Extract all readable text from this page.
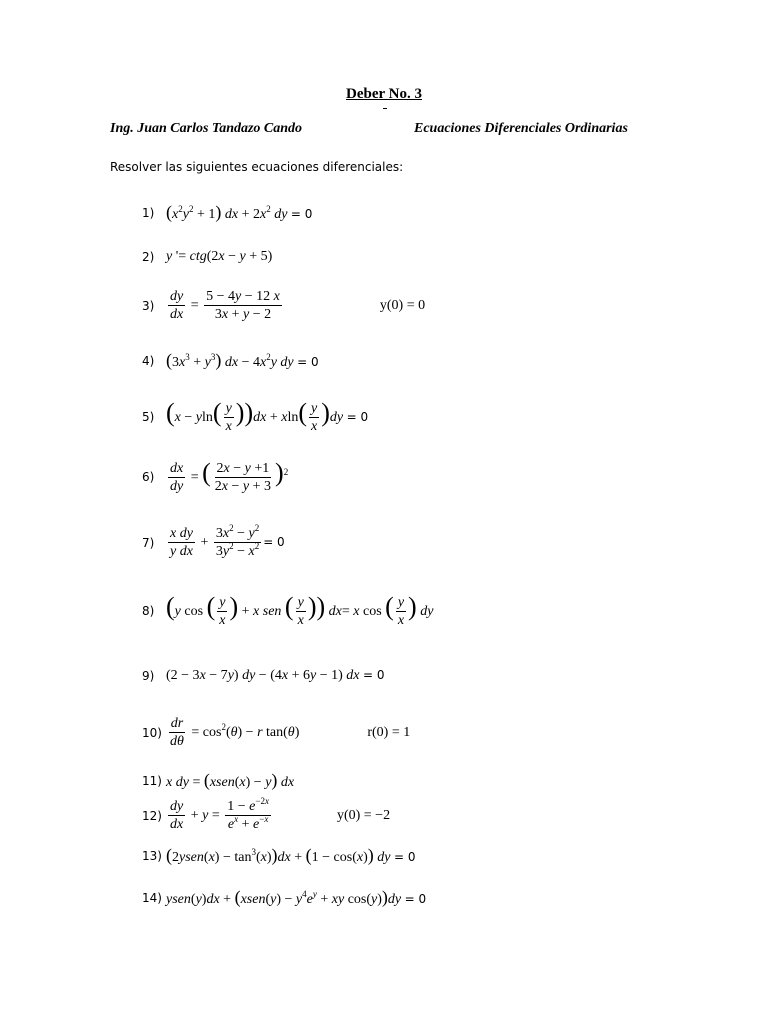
Deber No. 3
Ing. Juan Carlos Tandazo Cando	Ecuaciones Diferenciales Ordinarias
Resolver las siguientes ecuaciones diferenciales:
1) $(x^2y^2 + 1)$ dx + $2x^2$ dy = 0
2) y '= ctg(2x − y + 5)
$3) \frac{dy}{dx} = \frac{5 - 4y - 12 x}{3x + y - 2}$	y(0) = 0
4) $(3x^3 + y^3)$ dx − $4x^2y$ dy = 0
5) $(x - yln( \frac{y}{x} ))dx + xln( \frac{y}{x} )dy = 0$
$6) \frac{dx}{dy}$ = ( $\frac{2x - y +1}{2x - y + 3} )^2$
$7) \frac{\text{x dy}}{\text{y dx}} + \frac{3x^2 - y^2}{3y^2 - x^2} = 0$
8) (y cos ( $\frac{y}{x}$ ) + x sen ( $\frac{y}{x}$ )) dx= x cos ( $\frac{y}{x}$ ) dy
9) (2 − 3x − 7y) dy − (4x + 6y − 1) dx = 0
$10) \frac{dr}{d\theta} = \cos^2(\theta) - r$ tan(θ)	r(0) = 1
11) x dy = (xsen(x) − y) dx
$12) \frac{dy}{dx} + y = \frac{1 - e^{-2x}}{e^x + e^{-x}}$	y(0) = −2
13) (2ysen(x) − $\tan^3(x))dx + (1 - \cos(x))$ dy = 0
14) ysen(y)dx + (xsen(y) − $y^4e^y$ + xy cos(y))dy = 0
